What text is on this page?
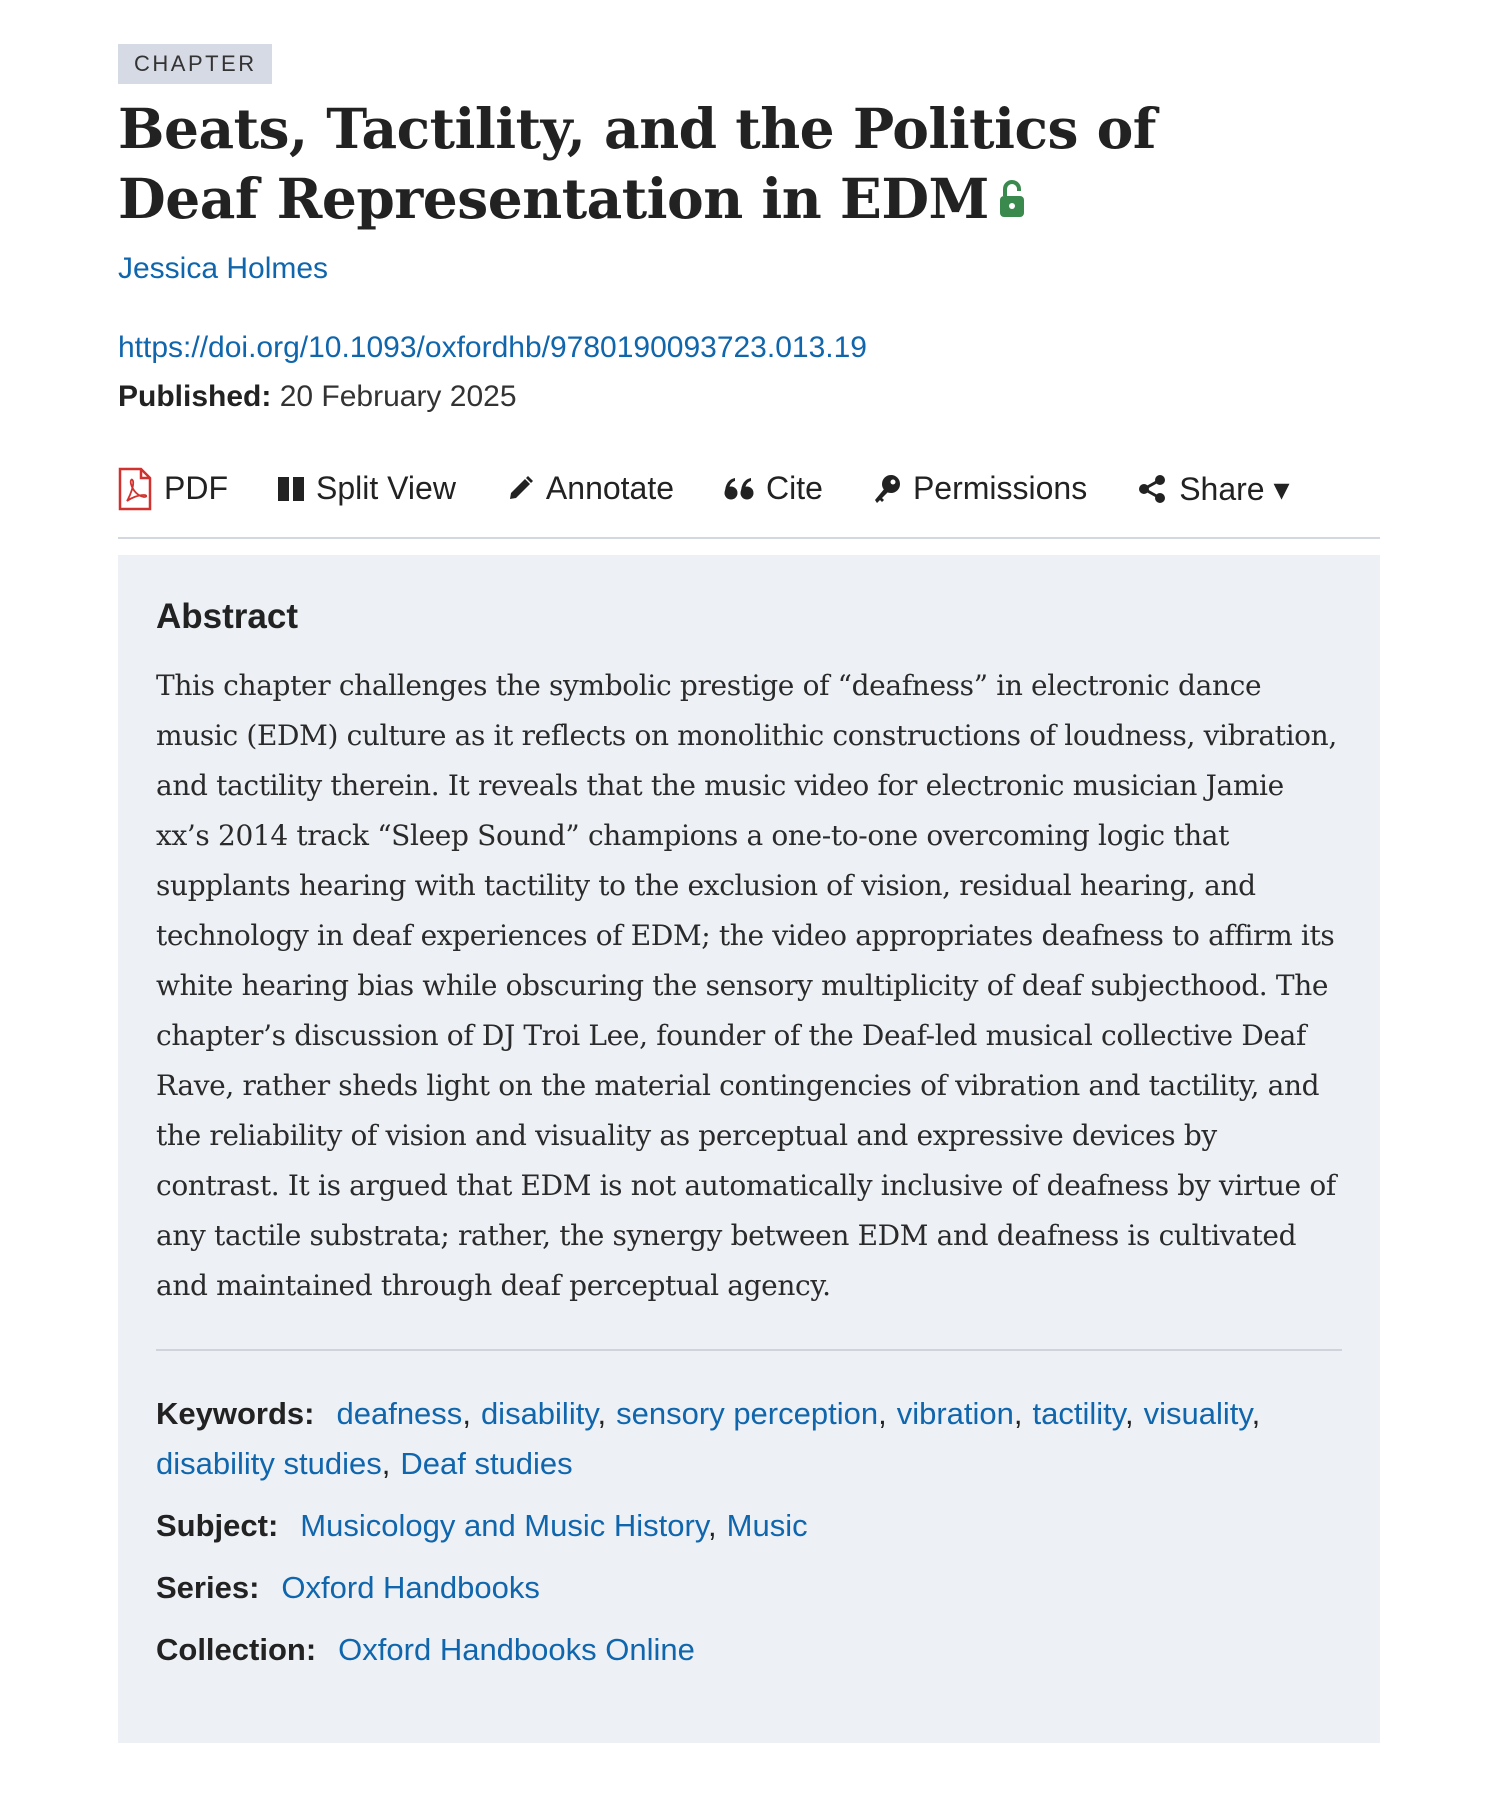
CHAPTER
Beats, Tactility, and the Politics of Deaf Representation in EDM
Jessica Holmes
https://doi.org/10.1093/oxfordhb/9780190093723.013.19
Published: 20 February 2025
PDF	Split View	Annotate	Cite	Permissions	Share ▾
Abstract

This chapter challenges the symbolic prestige of “deafness” in electronic dance music (EDM) culture as it reflects on monolithic constructions of loudness, vibration, and tactility therein. It reveals that the music video for electronic musician Jamie xx’s 2014 track “Sleep Sound” champions a one-to-one overcoming logic that supplants hearing with tactility to the exclusion of vision, residual hearing, and technology in deaf experiences of EDM; the video appropriates deafness to affirm its white hearing bias while obscuring the sensory multiplicity of deaf subjecthood. The chapter’s discussion of DJ Troi Lee, founder of the Deaf-led musical collective Deaf Rave, rather sheds light on the material contingencies of vibration and tactility, and the reliability of vision and visuality as perceptual and expressive devices by contrast. It is argued that EDM is not automatically inclusive of deafness by virtue of any tactile substrata; rather, the synergy between EDM and deafness is cultivated and maintained through deaf perceptual agency.

Keywords: deafness, disability, sensory perception, vibration, tactility, visuality,
disability studies, Deaf studies
Subject: Musicology and Music History, Music
Series: Oxford Handbooks
Collection: Oxford Handbooks Online
